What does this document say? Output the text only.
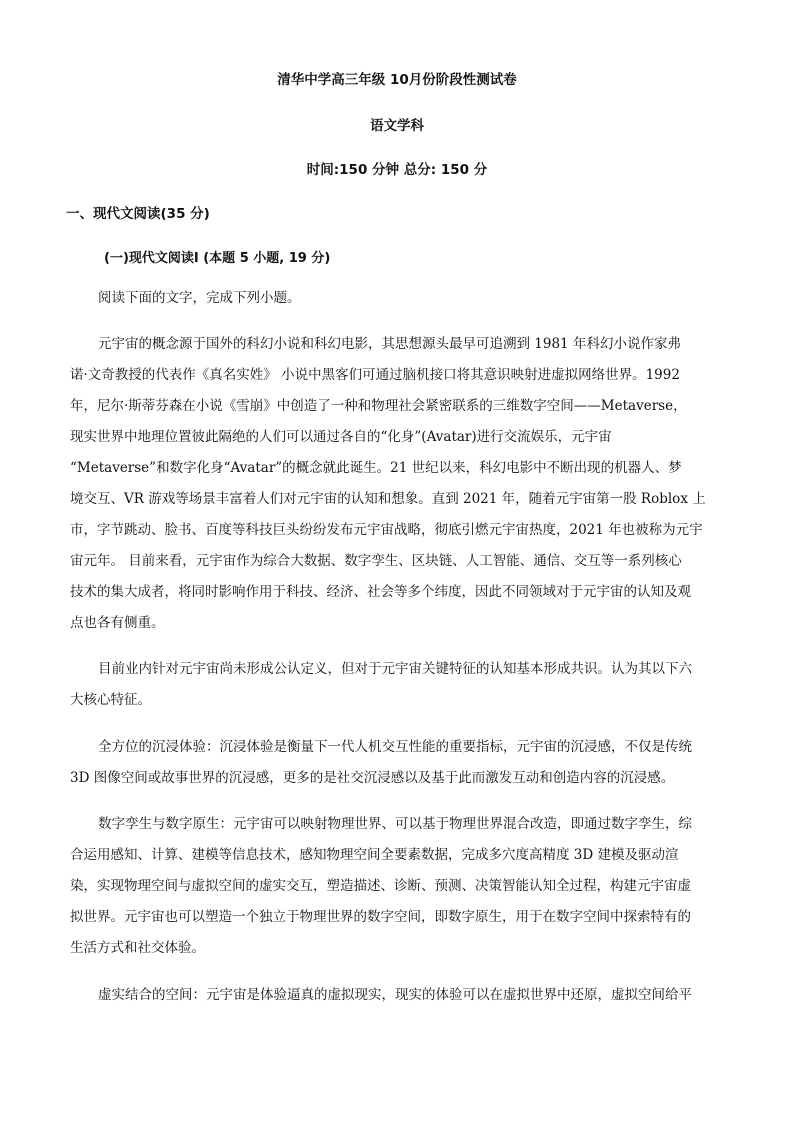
清华中学高三年级 10月份阶段性测试卷
语文学科
时间:150 分钟 总分: 150 分
一、现代文阅读(35 分)
(一)现代文阅读Ⅰ (本题 5 小题, 19 分)
阅读下面的文字，完成下列小题。
元宇宙的概念源于国外的科幻小说和科幻电影，其思想源头最早可追溯到 1981 年科幻小说作家弗
诺·文奇教授的代表作《真名实姓》 小说中黑客们可通过脑机接口将其意识映射进虚拟网络世界。1992
年，尼尔·斯蒂芬森在小说《雪崩》中创造了一种和物理社会紧密联系的三维数字空间——Metaverse，
现实世界中地理位置彼此隔绝的人们可以通过各自的“化身”(Avatar)进行交流娱乐，元宇宙
“Metaverse”和数字化身“Avatar”的概念就此诞生。21 世纪以来，科幻电影中不断出现的机器人、梦
境交互、VR 游戏等场景丰富着人们对元宇宙的认知和想象。直到 2021 年，随着元宇宙第一股 Roblox 上
市，字节跳动、脸书、百度等科技巨头纷纷发布元宇宙战略，彻底引燃元宇宙热度，2021 年也被称为元宇
宙元年。 目前来看，元宇宙作为综合大数据、数字孪生、区块链、人工智能、通信、交互等一系列核心
技术的集大成者，将同时影响作用于科技、经济、社会等多个纬度，因此不同领域对于元宇宙的认知及观
点也各有侧重。
目前业内针对元宇宙尚未形成公认定义，但对于元宇宙关键特征的认知基本形成共识。认为其以下六
大核心特征。
全方位的沉浸体验：沉浸体验是衡量下一代人机交互性能的重要指标，元宇宙的沉浸感，不仅是传统
3D 图像空间或故事世界的沉浸感，更多的是社交沉浸感以及基于此而激发互动和创造内容的沉浸感。
数字孪生与数字原生：元宇宙可以映射物理世界、可以基于物理世界混合改造，即通过数字孪生，综
合运用感知、计算、建模等信息技术，感知物理空间全要素数据，完成多穴度高精度 3D 建模及驱动渲
染，实现物理空间与虚拟空间的虚实交互，塑造描述、诊断、预测、决策智能认知全过程，构建元宇宙虚
拟世界。元宇宙也可以塑造一个独立于物理世界的数字空间，即数字原生，用于在数字空间中探索特有的
生活方式和社交体验。
虚实结合的空间：元宇宙是体验逼真的虚拟现实，现实的体验可以在虚拟世界中还原，虚拟空间给平
